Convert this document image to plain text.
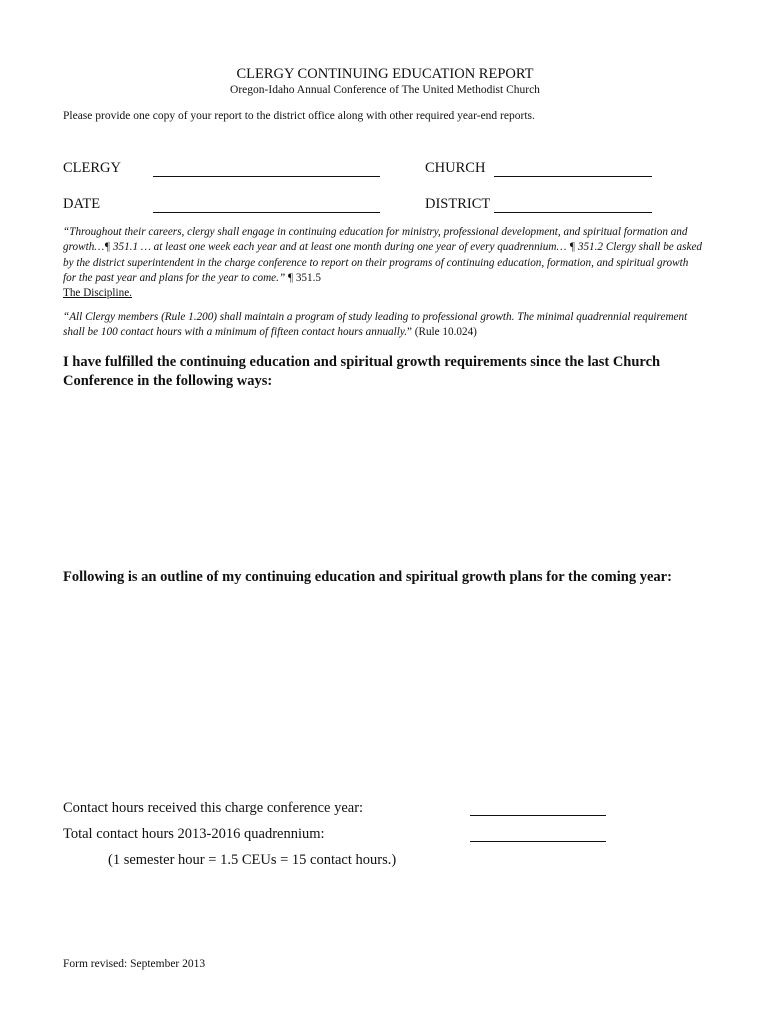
CLERGY CONTINUING EDUCATION REPORT
Oregon-Idaho Annual Conference of The United Methodist Church
Please provide one copy of your report to the district office along with other required year-end reports.
CLERGY	CHURCH
DATE	DISTRICT
“Throughout their careers, clergy shall engage in continuing education for ministry, professional development, and spiritual formation and growth…¶ 351.1 … at least one week each year and at least one month during one year of every quadrennium… ¶ 351.2 Clergy shall be asked by the district superintendent in the charge conference to report on their programs of continuing education, formation, and spiritual growth for the past year and plans for the year to come.” ¶ 351.5
The Discipline.
“All Clergy members (Rule 1.200) shall maintain a program of study leading to professional growth. The minimal quadrennial requirement shall be 100 contact hours with a minimum of fifteen contact hours annually.” (Rule 10.024)
I have fulfilled the continuing education and spiritual growth requirements since the last Church Conference in the following ways:
Following is an outline of my continuing education and spiritual growth plans for the coming year:
Contact hours received this charge conference year:
Total contact hours 2013-2016 quadrennium:
(1 semester hour = 1.5 CEUs = 15 contact hours.)
Form revised: September 2013
